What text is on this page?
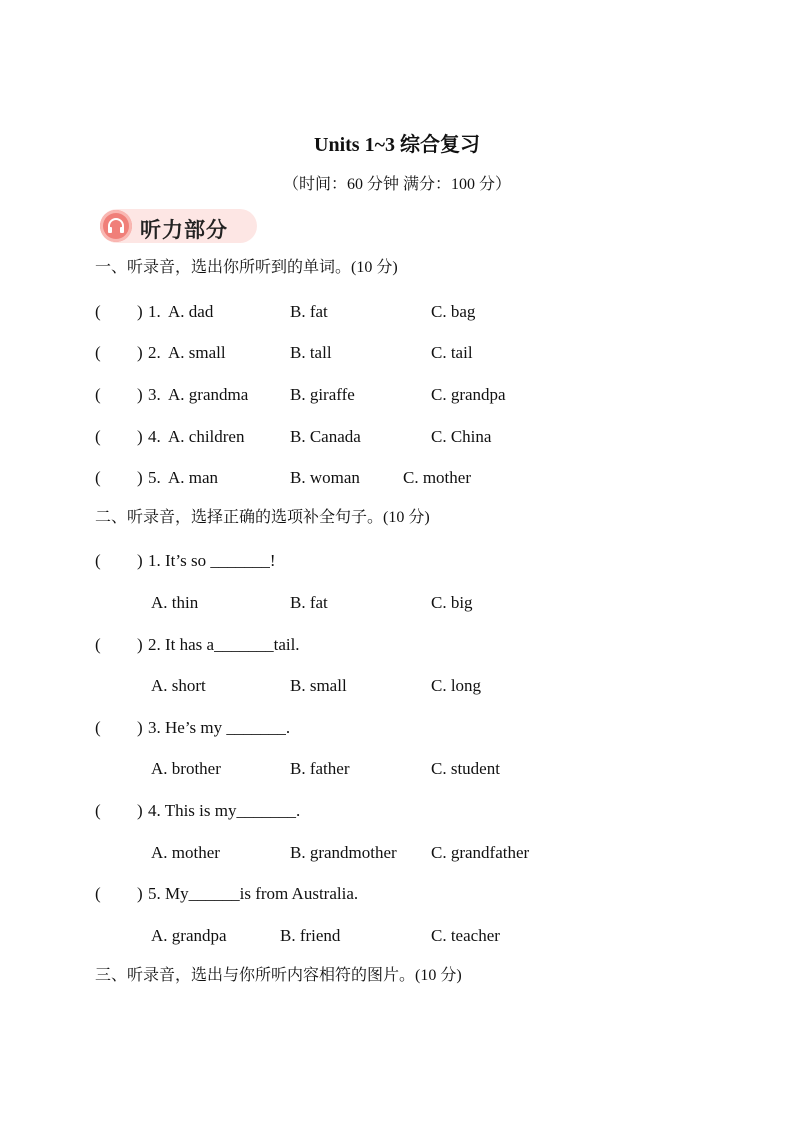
Units 1~3 综合复习
（时间：60 分钟 满分：100 分）
听力部分
一、听录音，选出你所听到的单词。(10 分)
( ) 1. A. dad	B. fat	C. bag
( ) 2. A. small	B. tall	C. tail
( ) 3. A. grandma B. giraffe	C. grandpa
( ) 4. A. children	B. Canada	C. China
( ) 5. A. man	B. woman	C. mother
二、听录音，选择正确的选项补全句子。(10 分)
( ) 1. It’s so _______!
A. thin	B. fat	C. big
( ) 2. It has a_______tail.
A. short	B. small	C. long
( ) 3. He’s my _______.
A. brother	B. father	C. student
( ) 4. This is my_______.
A. mother	B. grandmother C. grandfather
( ) 5. My______is from Australia.
A. grandpa	B. friend	C. teacher
三、听录音，选出与你所听内容相符的图片。(10 分)
